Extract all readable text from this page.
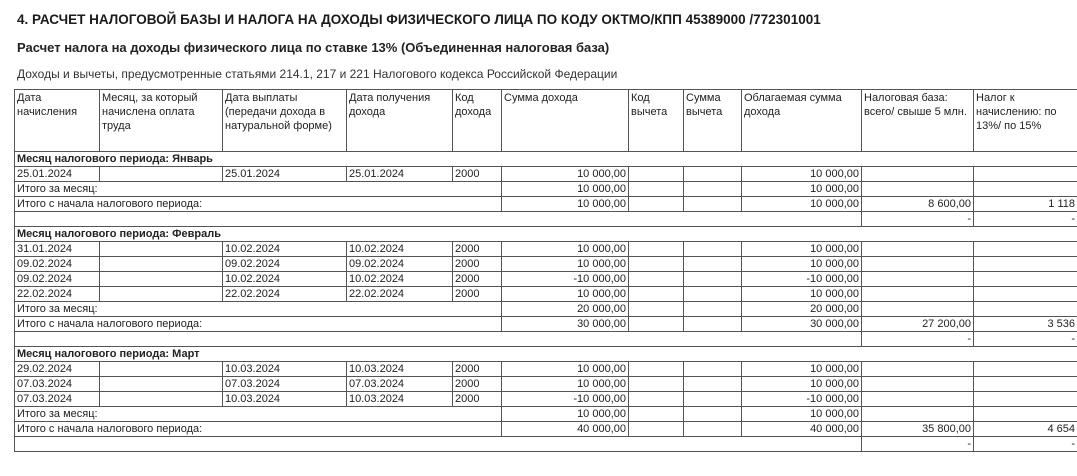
4. РАСЧЕТ НАЛОГОВОЙ БАЗЫ И НАЛОГА НА ДОХОДЫ ФИЗИЧЕСКОГО ЛИЦА ПО КОДУ ОКТМО/КПП 45389000 /772301001
Расчет налога на доходы физического лица по ставке 13% (Объединенная налоговая база)
Доходы и вычеты, предусмотренные статьями 214.1, 217 и 221 Налогового кодекса Российской Федерации
Дата начисления	Месяц, за который начислена оплата труда	Дата выплаты (передачи дохода в натуральной форме)	Дата получения дохода	Код дохода	Сумма дохода	Код вычета	Сумма вычета	Облагаемая сумма дохода	Налоговая база: всего/ свыше 5 млн.	Налог к начислению: по 13%/ по 15%
Месяц налогового периода: Январь										
25.01.2024		25.01.2024	25.01.2024	2000	10 000,00			10 000,00		
Итого за месяц:					10 000,00			10 000,00		
Итого с начала налогового периода:					10 000,00			10 000,00	8 600,00	1 118
									-	-
Месяц налогового периода: Февраль										
31.01.2024		10.02.2024	10.02.2024	2000	10 000,00			10 000,00		
09.02.2024		09.02.2024	09.02.2024	2000	10 000,00			10 000,00		
09.02.2024		10.02.2024	10.02.2024	2000	-10 000,00			-10 000,00		
22.02.2024		22.02.2024	22.02.2024	2000	10 000,00			10 000,00		
Итого за месяц:					20 000,00			20 000,00		
Итого с начала налогового периода:					30 000,00			30 000,00	27 200,00	3 536
									-	-
Месяц налогового периода: Март										
29.02.2024		10.03.2024	10.03.2024	2000	10 000,00			10 000,00		
07.03.2024		07.03.2024	07.03.2024	2000	10 000,00			10 000,00		
07.03.2024		10.03.2024	10.03.2024	2000	-10 000,00			-10 000,00		
Итого за месяц:					10 000,00			10 000,00		
Итого с начала налогового периода:					40 000,00			40 000,00	35 800,00	4 654
									-	-
